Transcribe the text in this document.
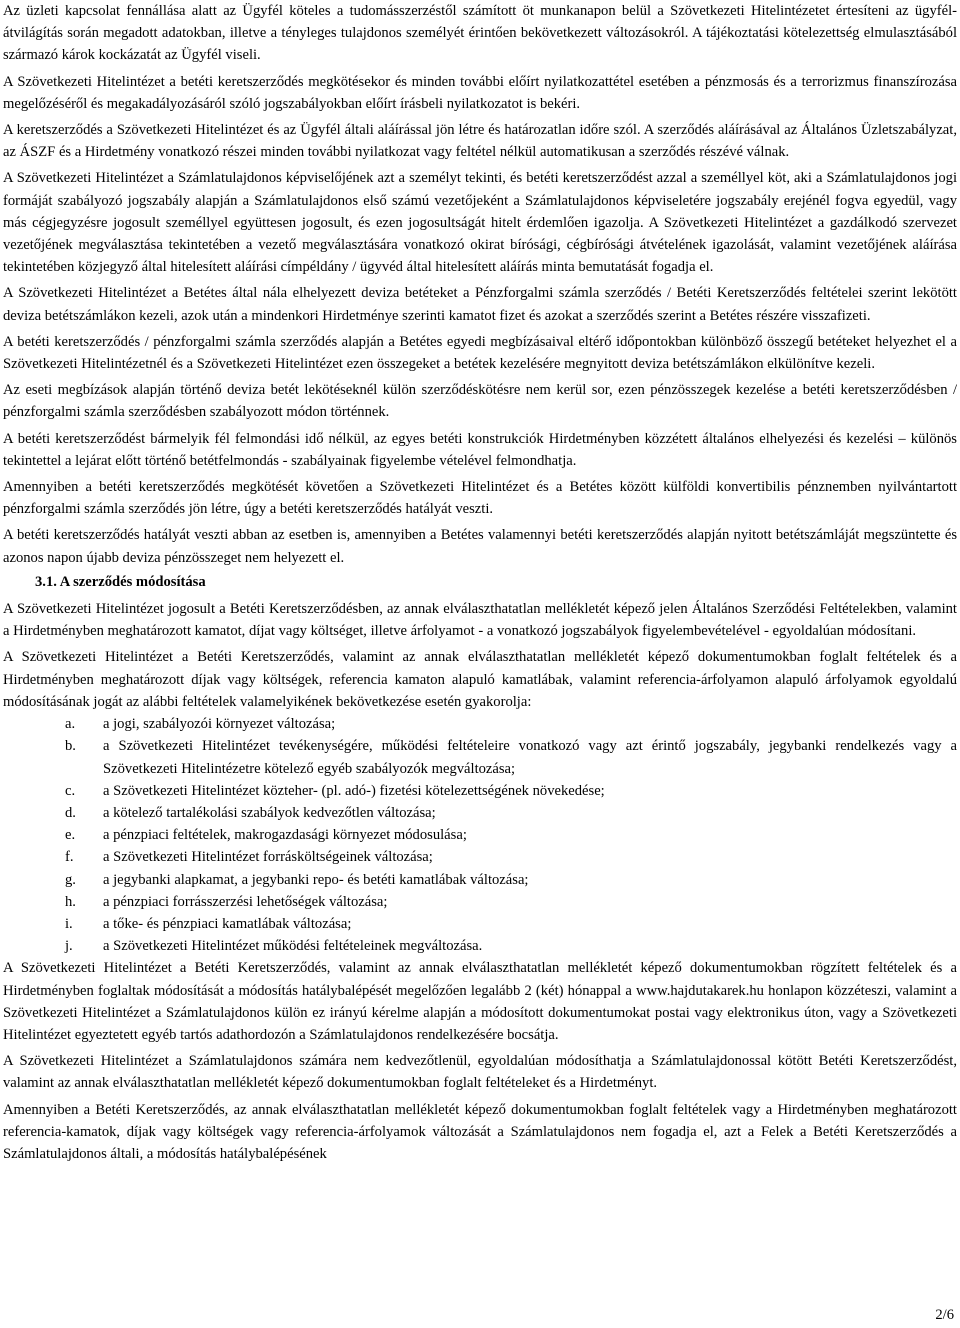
Az üzleti kapcsolat fennállása alatt az Ügyfél köteles a tudomásszerzéstől számított öt munkanapon belül a Szövetkezeti Hitelintézetet értesíteni az ügyfél-átvilágítás során megadott adatokban, illetve a tényleges tulajdonos személyét érintően bekövetkezett változásokról. A tájékoztatási kötelezettség elmulasztásából származó károk kockázatát az Ügyfél viseli.

A Szövetkezeti Hitelintézet a betéti keretszerződés megkötésekor és minden további előírt nyilatkozattétel esetében a pénzmosás és a terrorizmus finanszírozása megelőzéséről és megakadályozásáról szóló jogszabályokban előírt írásbeli nyilatkozatot is bekéri.

A keretszerződés a Szövetkezeti Hitelintézet és az Ügyfél általi aláírással jön létre és határozatlan időre szól. A szerződés aláírásával az Általános Üzletszabályzat, az ÁSZF és a Hirdetmény vonatkozó részei minden további nyilatkozat vagy feltétel nélkül automatikusan a szerződés részévé válnak.

A Szövetkezeti Hitelintézet a Számlatulajdonos képviselőjének azt a személyt tekinti, és betéti keretszerződést azzal a személlyel köt, aki a Számlatulajdonos jogi formáját szabályozó jogszabály alapján a Számlatulajdonos első számú vezetőjeként a Számlatulajdonos képviseletére jogszabály erejénél fogva egyedül, vagy más cégjegyzésre jogosult személlyel együttesen jogosult, és ezen jogosultságát hitelt érdemlően igazolja. A Szövetkezeti Hitelintézet a gazdálkodó szervezet vezetőjének megválasztása tekintetében a vezető megválasztására vonatkozó okirat bírósági, cégbírósági átvételének igazolását, valamint vezetőjének aláírása tekintetében közjegyző által hitelesített aláírási címpéldány / ügyvéd által hitelesített aláírás minta bemutatását fogadja el.

A Szövetkezeti Hitelintézet a Betétes által nála elhelyezett deviza betéteket a Pénzforgalmi számla szerződés / Betéti Keretszerződés feltételei szerint lekötött deviza betétszámlákon kezeli, azok után a mindenkori Hirdetménye szerinti kamatot fizet és azokat a szerződés szerint a Betétes részére visszafizeti.

A betéti keretszerződés / pénzforgalmi számla szerződés alapján a Betétes egyedi megbízásaival eltérő időpontokban különböző összegű betéteket helyezhet el a Szövetkezeti Hitelintézetnél és a Szövetkezeti Hitelintézet ezen összegeket a betétek kezelésére megnyitott deviza betétszámlákon elkülönítve kezeli.

Az eseti megbízások alapján történő deviza betét lekötéseknél külön szerződéskötésre nem kerül sor, ezen pénzösszegek kezelése a betéti keretszerződésben / pénzforgalmi számla szerződésben szabályozott módon történnek.

A betéti keretszerződést bármelyik fél felmondási idő nélkül, az egyes betéti konstrukciók Hirdetményben közzétett általános elhelyezési és kezelési – különös tekintettel a lejárat előtt történő betétfelmondás - szabályainak figyelembe vételével felmondhatja.

Amennyiben a betéti keretszerződés megkötését követően a Szövetkezeti Hitelintézet és a Betétes között külföldi konvertibilis pénznemben nyilvántartott pénzforgalmi számla szerződés jön létre, úgy a betéti keretszerződés hatályát veszti.

A betéti keretszerződés hatályát veszti abban az esetben is, amennyiben a Betétes valamennyi betéti keretszerződés alapján nyitott betétszámláját megszüntette és azonos napon újabb deviza pénzösszeget nem helyezett el.

3.1. A szerződés módosítása

A Szövetkezeti Hitelintézet jogosult a Betéti Keretszerződésben, az annak elválaszthatatlan mellékletét képező jelen Általános Szerződési Feltételekben, valamint a Hirdetményben meghatározott kamatot, díjat vagy költséget, illetve árfolyamot - a vonatkozó jogszabályok figyelembevételével - egyoldalúan módosítani.

A Szövetkezeti Hitelintézet a Betéti Keretszerződés, valamint az annak elválaszthatatlan mellékletét képező dokumentumokban foglalt feltételek és a Hirdetményben meghatározott díjak vagy költségek, referencia kamaton alapuló kamatlábak, valamint referencia-árfolyamon alapuló árfolyamok egyoldalú módosításának jogát az alábbi feltételek valamelyikének bekövetkezése esetén gyakorolja:

a. a jogi, szabályozói környezet változása;
b. a Szövetkezeti Hitelintézet tevékenységére, működési feltételeire vonatkozó vagy azt érintő jogszabály, jegybanki rendelkezés vagy a Szövetkezeti Hitelintézetre kötelező egyéb szabályozók megváltozása;
c. a Szövetkezeti Hitelintézet közteher- (pl. adó-) fizetési kötelezettségének növekedése;
d. a kötelező tartalékolási szabályok kedvezőtlen változása;
e. a pénzpiaci feltételek, makrogazdasági környezet módosulása;
f. a Szövetkezeti Hitelintézet forrásköltségeinek változása;
g. a jegybanki alapkamat, a jegybanki repo- és betéti kamatlábak változása;
h. a pénzpiaci forrásszerzési lehetőségek változása;
i. a tőke- és pénzpiaci kamatlábak változása;
j. a Szövetkezeti Hitelintézet működési feltételeinek megváltozása.

A Szövetkezeti Hitelintézet a Betéti Keretszerződés, valamint az annak elválaszthatatlan mellékletét képező dokumentumokban rögzített feltételek és a Hirdetményben foglaltak módosítását a módosítás hatálybalépését megelőzően legalább 2 (két) hónappal a www.hajdutakarek.hu honlapon közzéteszi, valamint a Szövetkezeti Hitelintézet a Számlatulajdonos külön ez irányú kérelme alapján a módosított dokumentumokat postai vagy elektronikus úton, vagy a Szövetkezeti Hitelintézet egyeztetett egyéb tartós adathordozón a Számlatulajdonos rendelkezésére bocsátja.

A Szövetkezeti Hitelintézet a Számlatulajdonos számára nem kedvezőtlenül, egyoldalúan módosíthatja a Számlatulajdonossal kötött Betéti Keretszerződést, valamint az annak elválaszthatatlan mellékletét képező dokumentumokban foglalt feltételeket és a Hirdetményt.

Amennyiben a Betéti Keretszerződés, az annak elválaszthatatlan mellékletét képező dokumentumokban foglalt feltételek vagy a Hirdetményben meghatározott referencia-kamatok, díjak vagy költségek vagy referencia-árfolyamok változását a Számlatulajdonos nem fogadja el, azt a Felek a Betéti Keretszerződés a Számlatulajdonos általi, a módosítás hatálybalépésének

2/6
